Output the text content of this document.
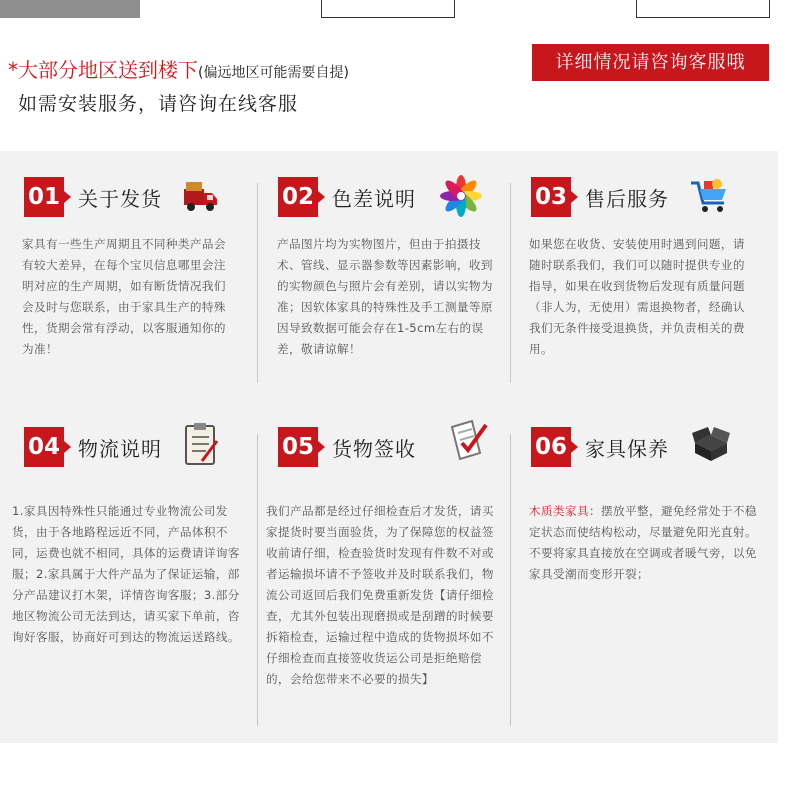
*大部分地区送到楼下(偏远地区可能需要自提)
如需安装服务，请咨询在线客服
详细情况请咨询客服哦
01 关于发货
家具有一些生产周期且不同种类产品会有较大差异，在每个宝贝信息哪里会注明对应的生产周期，如有断货情况我们会及时与您联系，由于家具生产的特殊性，货期会常有浮动，以客服通知你的为准！
02 色差说明
产品图片均为实物图片，但由于拍摄技术、管线、显示器参数等因素影响，收到的实物颜色与照片会有差别，请以实物为准；因软体家具的特殊性及手工测量等原因导致数据可能会存在1-5cm左右的误差，敬请谅解！
03 售后服务
如果您在收货、安装使用时遇到问题，请随时联系我们，我们可以随时提供专业的指导，如果在收到货物后发现有质量问题（非人为，无使用）需退换物者，经确认我们无条件接受退换货，并负责相关的费用。
04 物流说明
1.家具因特殊性只能通过专业物流公司发货，由于各地路程远近不同，产品体积不同，运费也就不相同，具体的运费请详询客服；2.家具属于大件产品为了保证运输，部分产品建议打木架，详情咨询客服；3.部分地区物流公司无法到达，请买家下单前，咨询好客服，协商好可到达的物流运送路线。
05 货物签收
我们产品都是经过仔细检查后才发货，请买家提货时要当面验货，为了保障您的权益签收前请仔细，检查验货时发现有件数不对或者运输损坏请不予签收并及时联系我们，物流公司返回后我们免费重新发货【请仔细检查，尤其外包装出现磨损或是刮蹭的时候要拆箱检查，运输过程中造成的货物损坏如不仔细检查而直接签收货运公司是拒绝赔偿的，会给您带来不必要的损失】
06 家具保养
木质类家具：摆放平整，避免经常处于不稳定状态而使结构松动，尽量避免阳光直射。不要将家具直接放在空调或者暖气旁，以免家具受潮而变形开裂；
